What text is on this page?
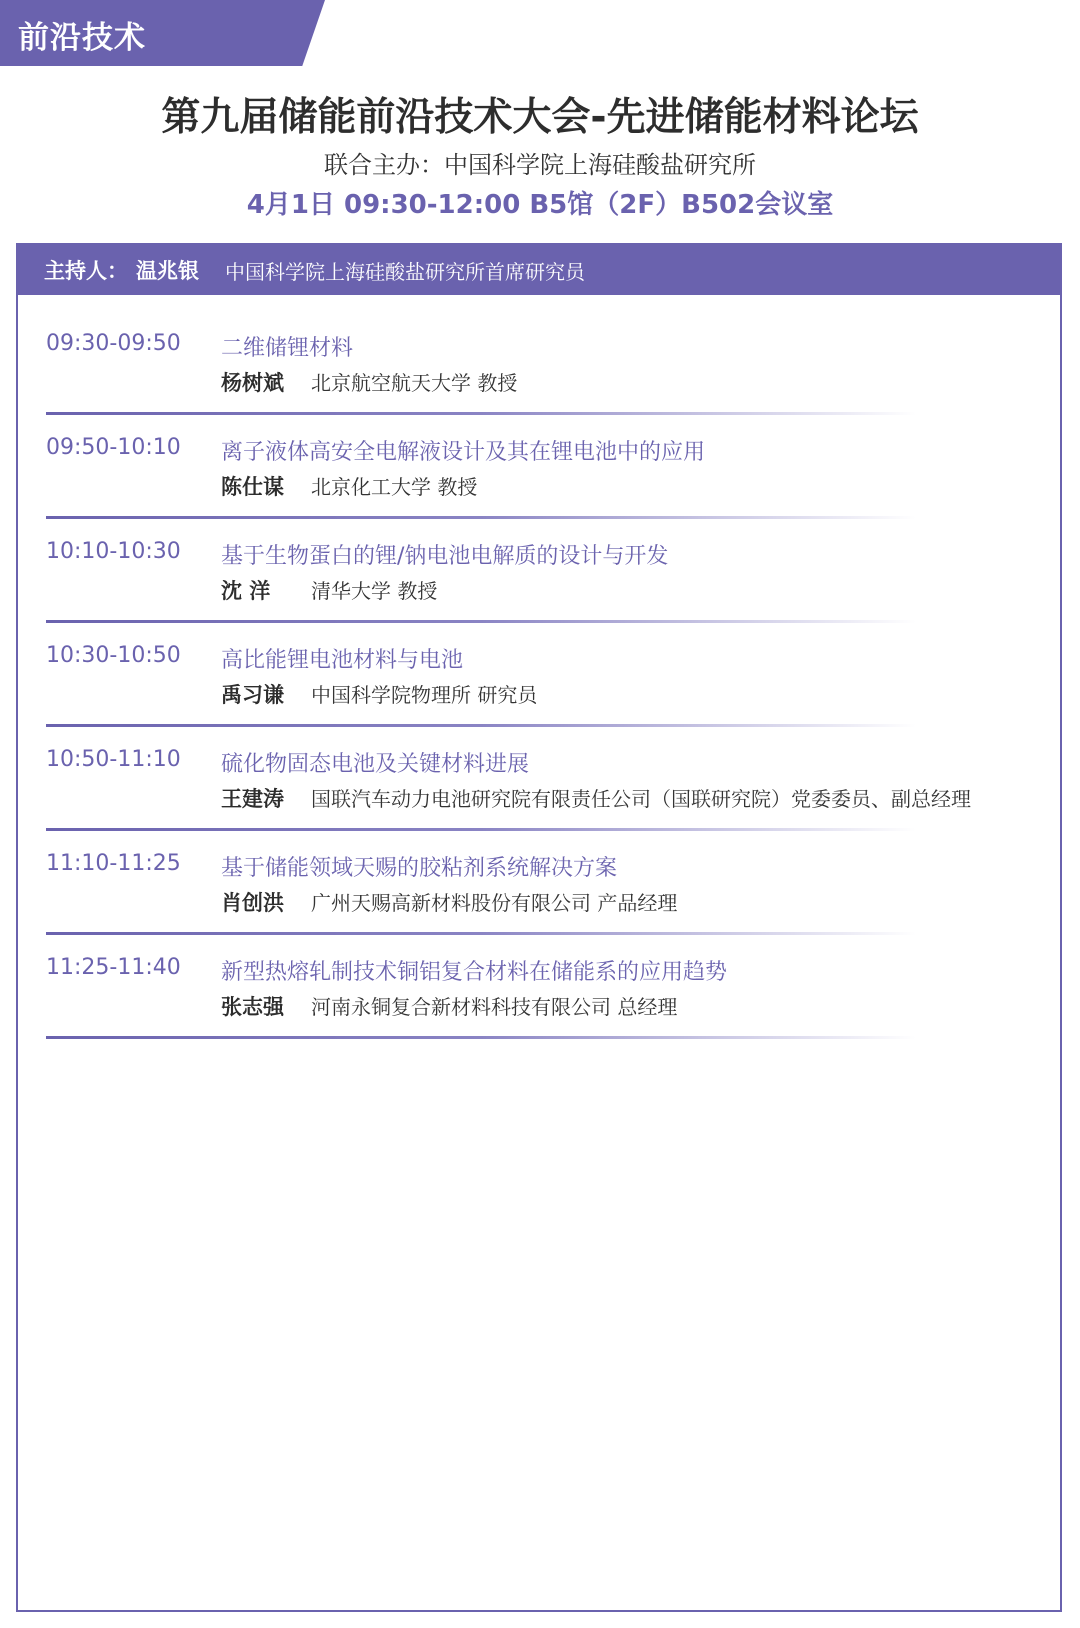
前沿技术
第九届储能前沿技术大会-先进储能材料论坛
联合主办：中国科学院上海硅酸盐研究所
4月1日 09:30-12:00 B5馆（2F）B502会议室
主持人： 温兆银 中国科学院上海硅酸盐研究所首席研究员
09:30-09:50 二维储锂材料
杨树斌 北京航空航天大学 教授
09:50-10:10 离子液体高安全电解液设计及其在锂电池中的应用
陈仕谋 北京化工大学 教授
10:10-10:30 基于生物蛋白的锂/钠电池电解质的设计与开发
沈 洋 清华大学 教授
10:30-10:50 高比能锂电池材料与电池
禹习谦 中国科学院物理所 研究员
10:50-11:10 硫化物固态电池及关键材料进展
王建涛 国联汽车动力电池研究院有限责任公司（国联研究院）党委委员、副总经理
11:10-11:25 基于储能领域天赐的胶粘剂系统解决方案
肖创洪 广州天赐高新材料股份有限公司 产品经理
11:25-11:40 新型热熔轧制技术铜铝复合材料在储能系的应用趋势
张志强 河南永铜复合新材料科技有限公司 总经理
